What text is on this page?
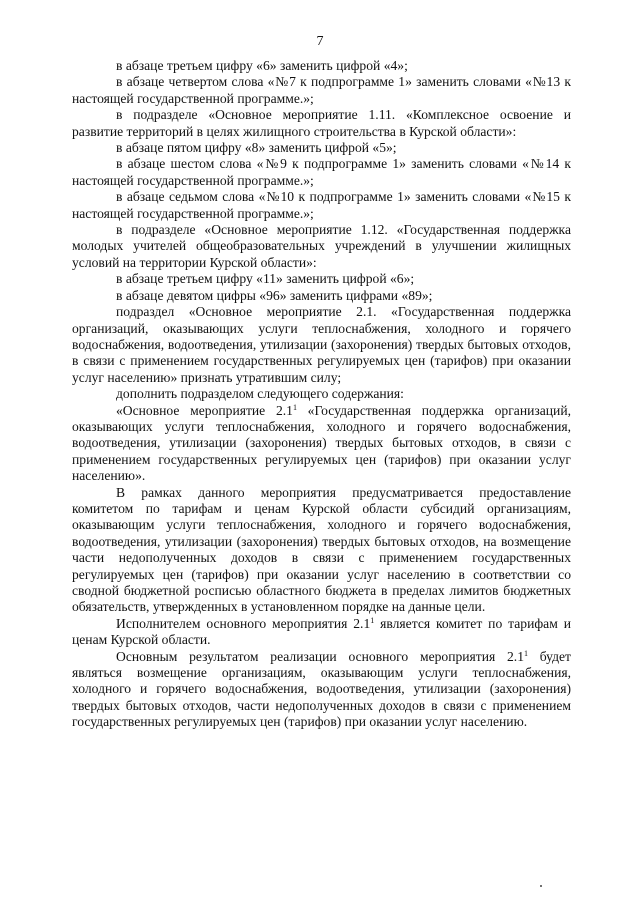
7

в абзаце третьем цифру «6» заменить цифрой «4»;

в абзаце четвертом слова «№7 к подпрограмме 1» заменить словами «№13 к настоящей государственной программе.»;

в подразделе «Основное мероприятие 1.11. «Комплексное освоение и развитие территорий в целях жилищного строительства в Курской области»:

в абзаце пятом цифру «8» заменить цифрой «5»;

в абзаце шестом слова «№9 к подпрограмме 1» заменить словами «№14 к настоящей государственной программе.»;

в абзаце седьмом слова «№10 к подпрограмме 1» заменить словами «№15 к настоящей государственной программе.»;

в подразделе «Основное мероприятие 1.12. «Государственная поддержка молодых учителей общеобразовательных учреждений в улучшении жилищных условий на территории Курской области»:

в абзаце третьем цифру «11» заменить цифрой «6»;

в абзаце девятом цифры «96» заменить цифрами «89»;

подраздел «Основное мероприятие 2.1. «Государственная поддержка организаций, оказывающих услуги теплоснабжения, холодного и горячего водоснабжения, водоотведения, утилизации (захоронения) твердых бытовых отходов, в связи с применением государственных регулируемых цен (тарифов) при оказании услуг населению» признать утратившим силу;

дополнить подразделом следующего содержания:

«Основное мероприятие $2.1^1$ «Государственная поддержка организаций, оказывающих услуги теплоснабжения, холодного и горячего водоснабжения, водоотведения, утилизации (захоронения) твердых бытовых отходов, в связи с применением государственных регулируемых цен (тарифов) при оказании услуг населению».

В рамках данного мероприятия предусматривается предоставление комитетом по тарифам и ценам Курской области субсидий организациям, оказывающим услуги теплоснабжения, холодного и горячего водоснабжения, водоотведения, утилизации (захоронения) твердых бытовых отходов, на возмещение части недополученных доходов в связи с применением государственных регулируемых цен (тарифов) при оказании услуг населению в соответствии со сводной бюджетной росписью областного бюджета в пределах лимитов бюджетных обязательств, утвержденных в установленном порядке на данные цели.

Исполнителем основного мероприятия $2.1^1$ является комитет по тарифам и ценам Курской области.

Основным результатом реализации основного мероприятия $2.1^1$ будет являться возмещение организациям, оказывающим услуги теплоснабжения, холодного и горячего водоснабжения, водоотведения, утилизации (захоронения) твердых бытовых отходов, части недополученных доходов в связи с применением государственных регулируемых цен (тарифов) при оказании услуг населению.
